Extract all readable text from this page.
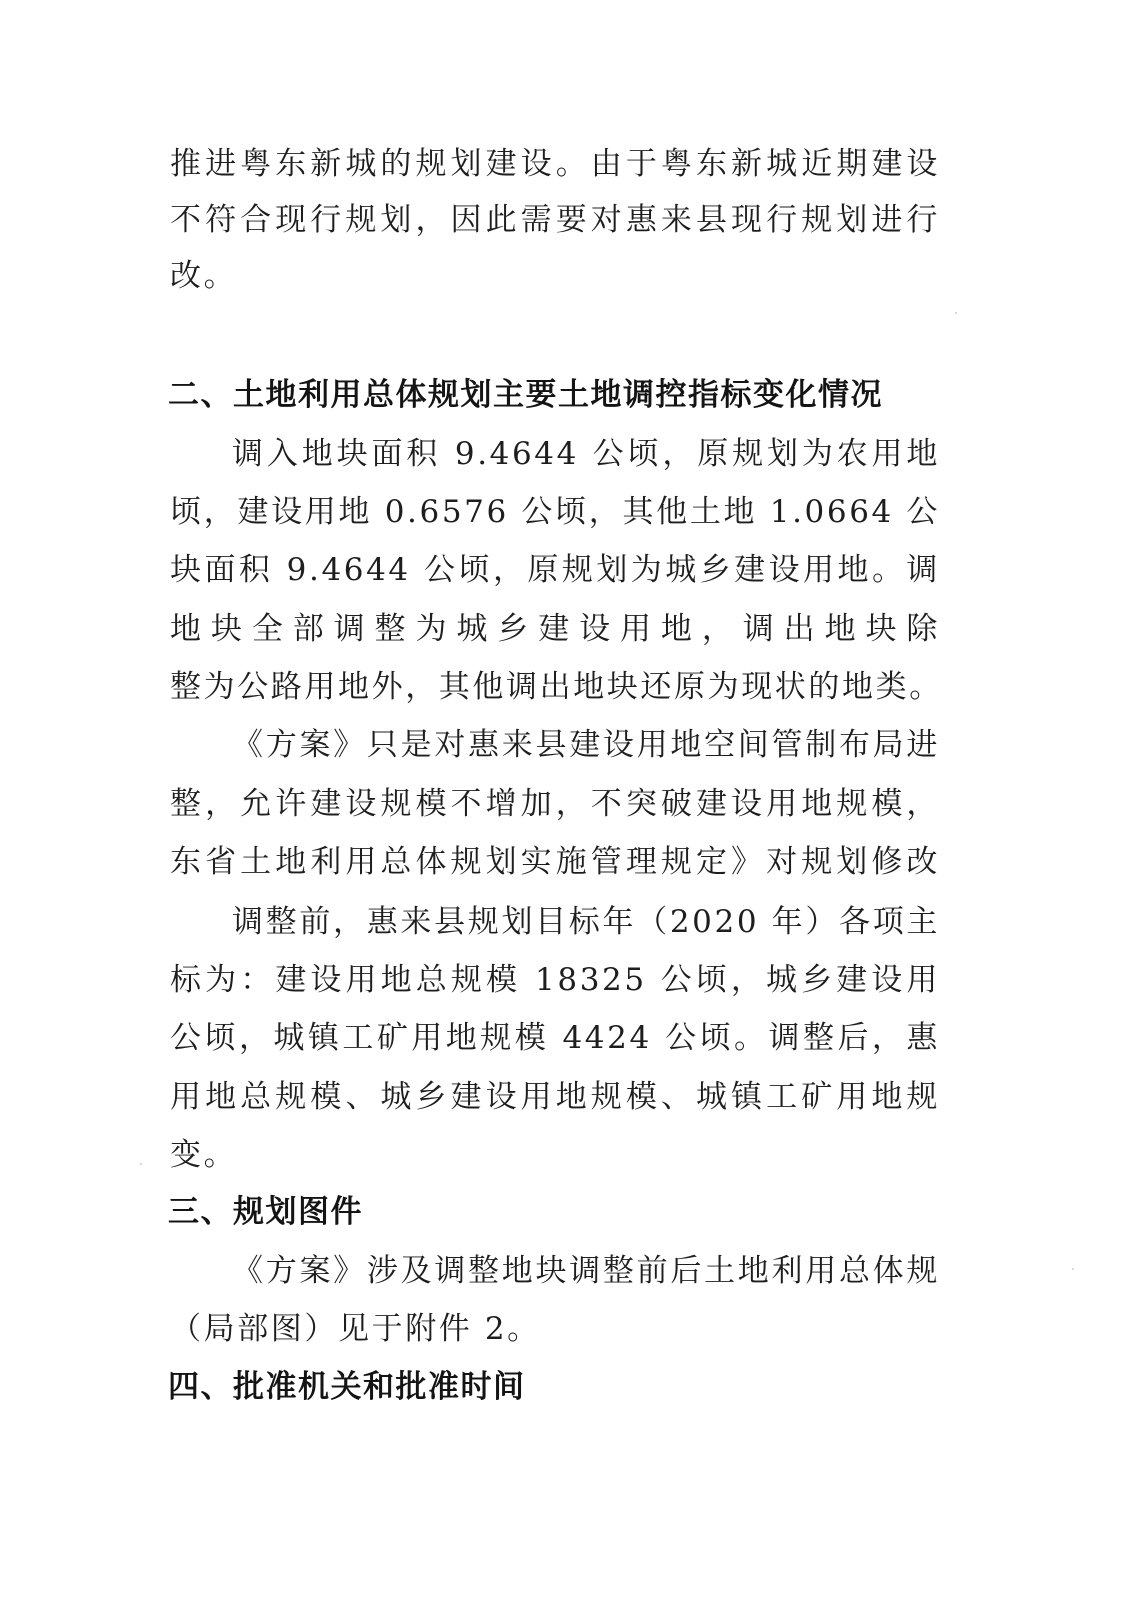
推进粤东新城的规划建设。由于粤东新城近期建设
不符合现行规划，因此需要对惠来县现行规划进行
改。
二、土地利用总体规划主要土地调控指标变化情况
调入地块面积 9.4644 公顷，原规划为农用地
顷，建设用地 0.6576 公顷，其他土地 1.0664 公
块面积 9.4644 公顷，原规划为城乡建设用地。调
地块全部调整为城乡建设用地，调出地块除
整为公路用地外，其他调出地块还原为现状的地类。
《方案》只是对惠来县建设用地空间管制布局进
整，允许建设规模不增加，不突破建设用地规模，
东省土地利用总体规划实施管理规定》对规划修改
调整前，惠来县规划目标年（2020 年）各项主
标为：建设用地总规模 18325 公顷，城乡建设用
公顷，城镇工矿用地规模 4424 公顷。调整后，惠
用地总规模、城乡建设用地规模、城镇工矿用地规
变。
三、规划图件
《方案》涉及调整地块调整前后土地利用总体规
（局部图）见于附件 2。
四、批准机关和批准时间
